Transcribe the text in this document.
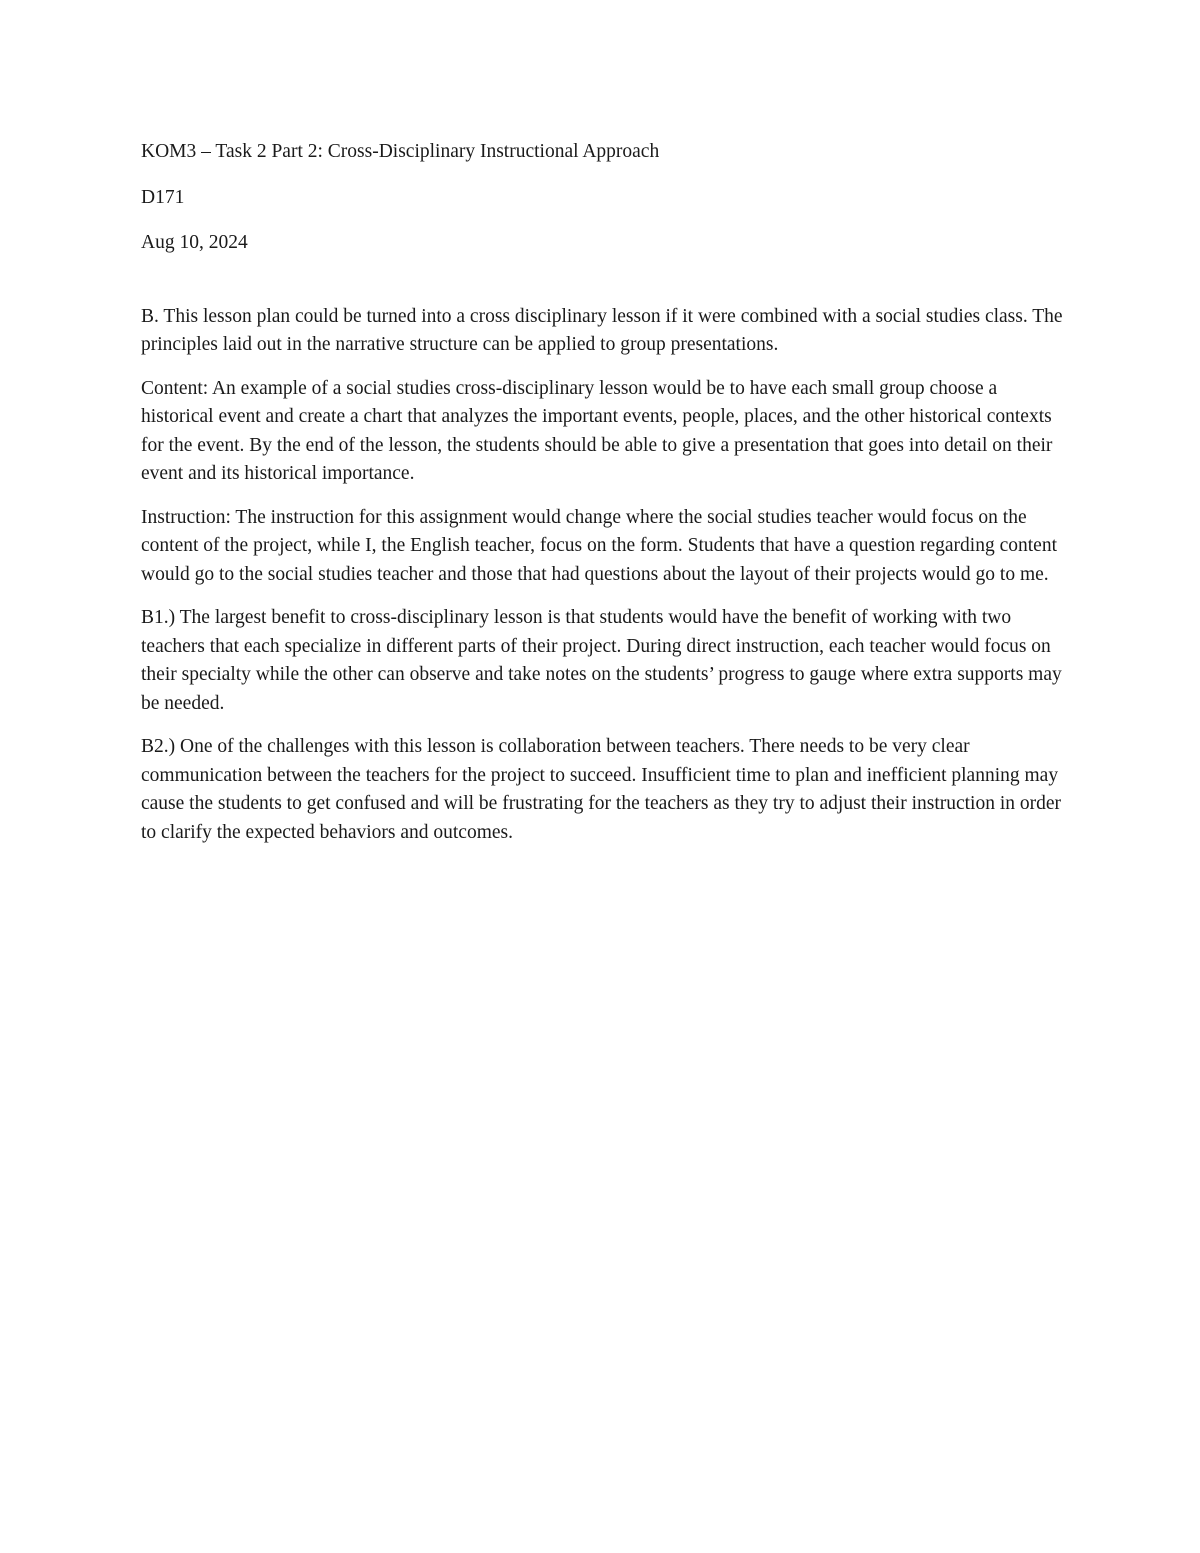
KOM3 – Task 2 Part 2: Cross-Disciplinary Instructional Approach

D171

Aug 10, 2024

B. This lesson plan could be turned into a cross disciplinary lesson if it were combined with a social studies class. The principles laid out in the narrative structure can be applied to group presentations.

Content: An example of a social studies cross-disciplinary lesson would be to have each small group choose a historical event and create a chart that analyzes the important events, people, places, and the other historical contexts for the event. By the end of the lesson, the students should be able to give a presentation that goes into detail on their event and its historical importance.

Instruction: The instruction for this assignment would change where the social studies teacher would focus on the content of the project, while I, the English teacher, focus on the form. Students that have a question regarding content would go to the social studies teacher and those that had questions about the layout of their projects would go to me.

B1.) The largest benefit to cross-disciplinary lesson is that students would have the benefit of working with two teachers that each specialize in different parts of their project. During direct instruction, each teacher would focus on their specialty while the other can observe and take notes on the students’ progress to gauge where extra supports may be needed.

B2.) One of the challenges with this lesson is collaboration between teachers. There needs to be very clear communication between the teachers for the project to succeed. Insufficient time to plan and inefficient planning may cause the students to get confused and will be frustrating for the teachers as they try to adjust their instruction in order to clarify the expected behaviors and outcomes.
